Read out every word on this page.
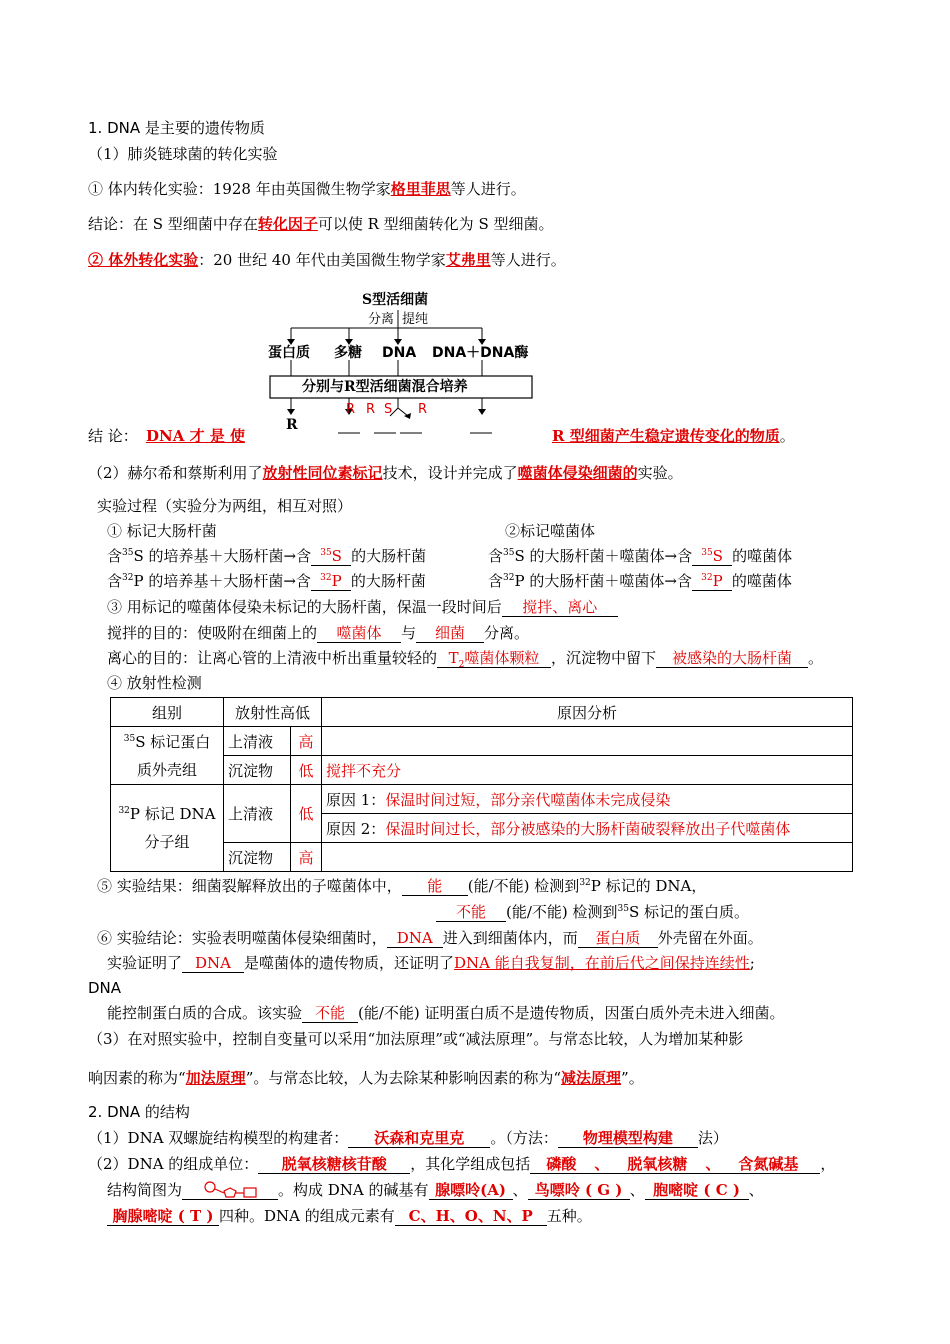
1. DNA 是主要的遗传物质
（1）肺炎链球菌的转化实验
① 体内转化实验：1928 年由英国微生物学家格里菲思等人进行。
结论：在 S 型细菌中存在转化因子可以使 R 型细菌转化为 S 型细菌。
② 体外转化实验：20 世纪 40 年代由美国微生物学家艾弗里等人进行。
S型活细菌
分离 提纯
蛋白质 多糖 DNA DNA＋DNA酶
分别与R型活细菌混合培养
R
R R S R
结 论： DNA 才 是 使	R 型细菌产生稳定遗传变化的物质。
（2）赫尔希和蔡斯利用了放射性同位素标记技术，设计并完成了噬菌体侵染细菌的实验。
实验过程（实验分为两组，相互对照）
① 标记大肠杆菌	②标记噬菌体
含$^{35}$S 的培养基＋大肠杆菌→含 $^{35}$S 的大肠杆菌	含$^{35}$S 的大肠杆菌＋噬菌体→含 $^{35}$S 的噬菌体
含$^{32}$P 的培养基＋大肠杆菌→含 $^{32}$P 的大肠杆菌	含$^{32}$P 的大肠杆菌＋噬菌体→含 $^{32}$P 的噬菌体
③ 用标记的噬菌体侵染未标记的大肠杆菌，保温一段时间后 搅拌、离心
搅拌的目的：使吸附在细菌上的 噬菌体 与 细菌 分离。
离心的目的：让离心管的上清液中析出重量较轻的 $T_2$噬菌体颗粒 ，沉淀物中留下 被感染的大肠杆菌 。
④ 放射性检测
组别	放射性高低		原因分析
$^{35}$S 标记蛋白
质外壳组	上清液	高	
	沉淀物	低	搅拌不充分
$^{32}$P 标记 DNA
分子组	上清液	低	原因 1：保温时间过短，部分亲代噬菌体未完成侵染
			原因 2：保温时间过长，部分被感染的大肠杆菌破裂释放出子代噬菌体
	沉淀物	高	
⑤ 实验结果：细菌裂解释放出的子噬菌体中， 能 (能/不能) 检测到$^{32}$P 标记的 DNA，
不能 (能/不能) 检测到$^{35}$S 标记的蛋白质。
⑥ 实验结论：实验表明噬菌体侵染细菌时， DNA 进入到细菌体内，而 蛋白质 外壳留在外面。
实验证明了 DNA 是噬菌体的遗传物质，还证明了DNA 能自我复制，在前后代之间保持连续性;
DNA
能控制蛋白质的合成。该实验 不能 (能/不能) 证明蛋白质不是遗传物质，因蛋白质外壳未进入细菌。
（3）在对照实验中，控制自变量可以采用“加法原理”或“减法原理”。与常态比较，人为增加某种影
响因素的称为“加法原理”。与常态比较，人为去除某种影响因素的称为“减法原理”。
2. DNA 的结构
（1）DNA 双螺旋结构模型的构建者： 沃森和克里克 。（方法： 物理模型构建 法）
（2）DNA 的组成单位： 脱氧核糖核苷酸 ，其化学组成包括 磷酸 、 脱氧核糖 、 含氮碱基 ，
结构简图为	。构成 DNA 的碱基有 腺嘌呤(A) 、 鸟嘌呤 ( G ) 、 胞嘧啶 ( C ) 、
胸腺嘧啶 ( T ) 四种。DNA 的组成元素有 C、H、O、N、P 五种。
